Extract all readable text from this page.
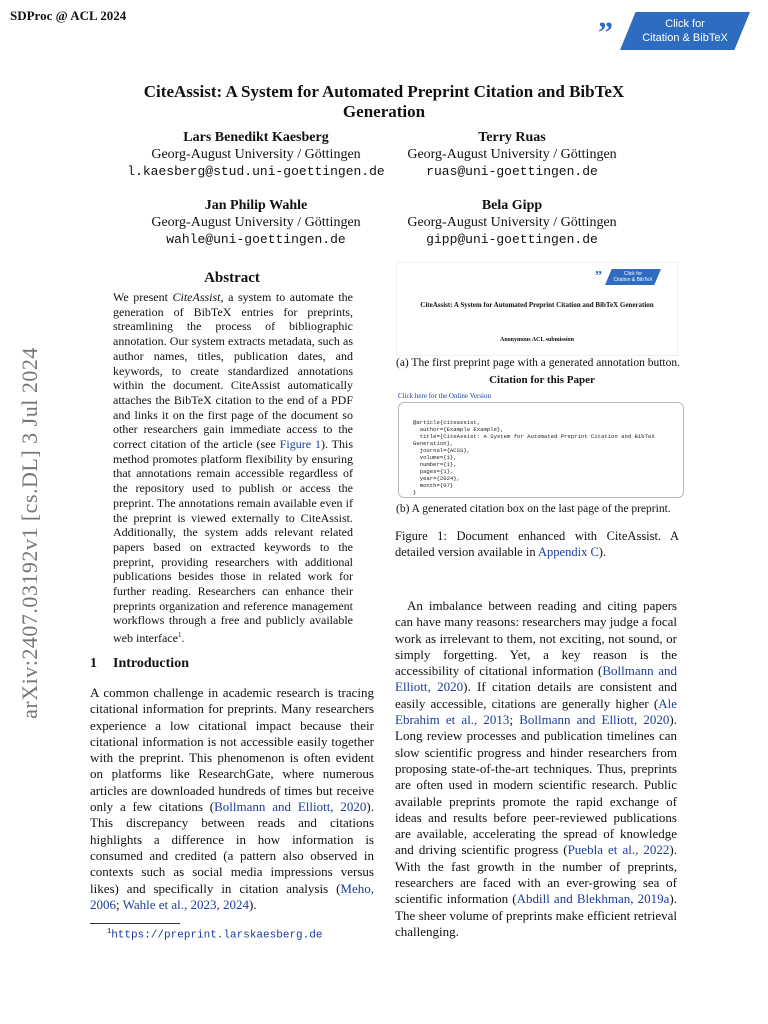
SDProc @ ACL 2024
”	Click for
Citation & BibTeX
CiteAssist: A System for Automated Preprint Citation and BibTeX
Generation
Lars Benedikt Kaesberg
Georg-August University / Göttingen
l.kaesberg@stud.uni-goettingen.de
Terry Ruas
Georg-August University / Göttingen
ruas@uni-goettingen.de
Jan Philip Wahle
Georg-August University / Göttingen
wahle@uni-goettingen.de
Bela Gipp
Georg-August University / Göttingen
gipp@uni-goettingen.de
arXiv:2407.03192v1 [cs.DL] 3 Jul 2024
Abstract
We present CiteAssist, a system to automate the generation of BibTeX entries for preprints, streamlining the process of bibliographic annotation. Our system extracts metadata, such as author names, titles, publication dates, and keywords, to create standardized annotations within the document. CiteAssist automatically attaches the BibTeX citation to the end of a PDF and links it on the first page of the document so other researchers gain immediate access to the correct citation of the article (see Figure 1). This method promotes platform flexibility by ensuring that annotations remain accessible regardless of the repository used to publish or access the preprint. The annotations remain available even if the preprint is viewed externally to CiteAssist. Additionally, the system adds relevant related papers based on extracted keywords to the preprint, providing researchers with additional publications besides those in related work for further reading. Researchers can enhance their preprints organization and reference management workflows through a free and publicly available web interface$^1$.
1 Introduction
A common challenge in academic research is tracing citational information for preprints. Many researchers experience a low citational impact because their citational information is not accessible easily together with the preprint. This phenomenon is often evident on platforms like ResearchGate, where numerous articles are downloaded hundreds of times but receive only a few citations (Bollmann and Elliott, 2020). This discrepancy between reads and citations highlights a difference in how information is consumed and credited (a pattern also observed in contexts such as social media impressions versus likes) and specifically in citation analysis (Meho, 2006; Wahle et al., 2023, 2024).
”	Click for
Citation & BibTeX
CiteAssist: A System for Automated Preprint Citation and BibTeX Generation
Anonymous ACL submission
(a) The first preprint page with a generated annotation button.
Citation for this Paper
Click here for the Online Version
@article{citeassist,
author={Example Example},
title={CiteAssist: A System for Automated Preprint Citation and BibTeX
Generation},
journal={ACSS},
volume={1},
number={1},
pages={1},
year={2024},
month={07}
}
(b) A generated citation box on the last page of the preprint.
Figure 1: Document enhanced with CiteAssist. A detailed version available in Appendix C).
An imbalance between reading and citing papers can have many reasons: researchers may judge a focal work as irrelevant to them, not exciting, not sound, or simply forgetting. Yet, a key reason is the accessibility of citational information (Bollmann and Elliott, 2020). If citation details are consistent and easily accessible, citations are generally higher (Ale Ebrahim et al., 2013; Bollmann and Elliott, 2020). Long review processes and publication timelines can slow scientific progress and hinder researchers from proposing state-of-the-art techniques. Thus, preprints are often used in modern scientific research. Public available preprints promote the rapid exchange of ideas and results before peer-reviewed publications are available, accelerating the spread of knowledge and driving scientific progress (Puebla et al., 2022). With the fast growth in the number of preprints, researchers are faced with an ever-growing sea of scientific information (Abdill and Blekhman, 2019a). The sheer volume of preprints make efficient retrieval challenging.
$^1$https://preprint.larskaesberg.de
